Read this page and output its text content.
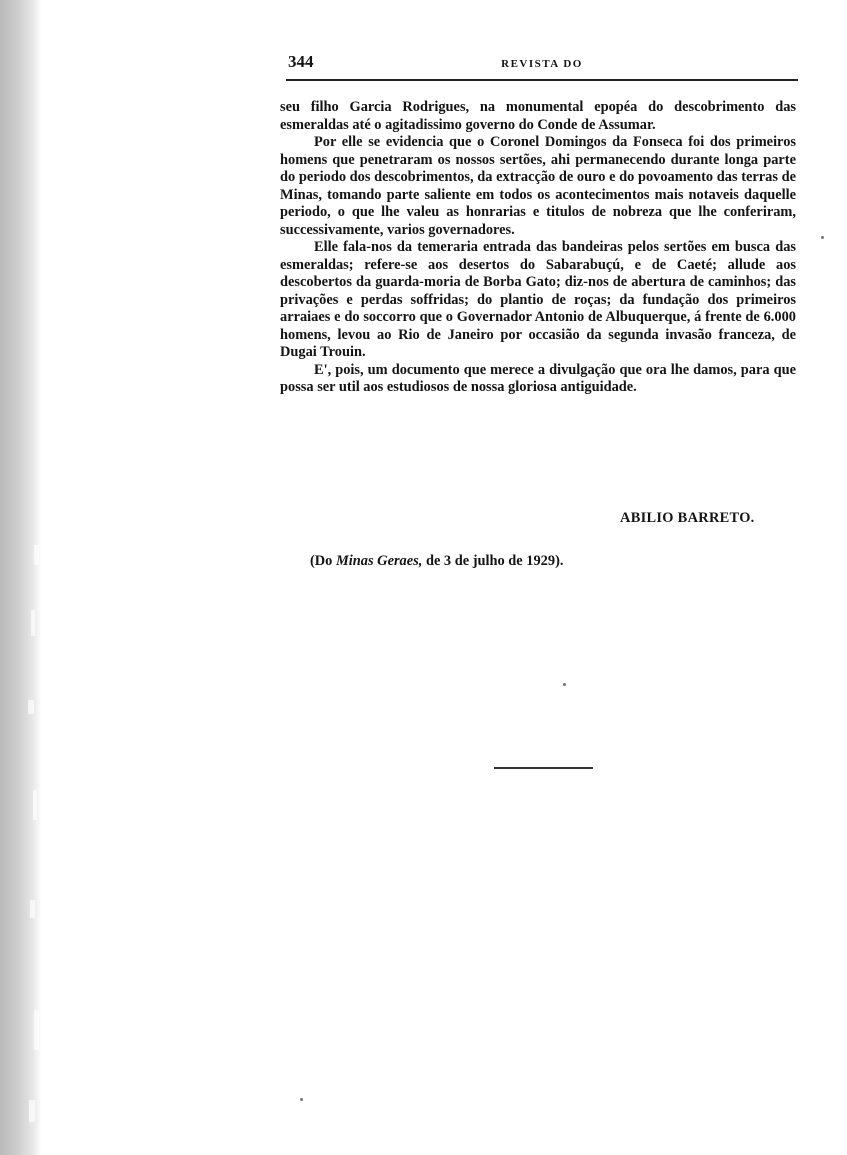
344	REVISTA DO

seu filho Garcia Rodrigues, na monumental epopéa do descobrimento das esmeraldas até o agitadissimo governo do Conde de Assumar.

Por elle se evidencia que o Coronel Domingos da Fonseca foi dos primeiros homens que penetraram os nossos sertões, ahi permanecendo durante longa parte do periodo dos descobrimentos, da extracção de ouro e do povoamento das terras de Minas, tomando parte saliente em todos os acontecimentos mais notaveis daquelle periodo, o que lhe valeu as honrarias e titulos de nobreza que lhe conferiram, successivamente, varios governadores.

Elle fala-nos da temeraria entrada das bandeiras pelos sertões em busca das esmeraldas; refere-se aos desertos do Sabarabuçú, e de Caeté; allude aos descobertos da guarda-moria de Borba Gato; diz-nos de abertura de caminhos; das privações e perdas soffridas; do plantio de roças; da fundação dos primeiros arraiaes e do soccorro que o Governador Antonio de Albuquerque, á frente de 6.000 homens, levou ao Rio de Janeiro por occasião da segunda invasão franceza, de Dugai Trouin.

E', pois, um documento que merece a divulgação que ora lhe damos, para que possa ser util aos estudiosos de nossa gloriosa antiguidade.

ABILIO BARRETO.
(Do Minas Geraes, de 3 de julho de 1929).
